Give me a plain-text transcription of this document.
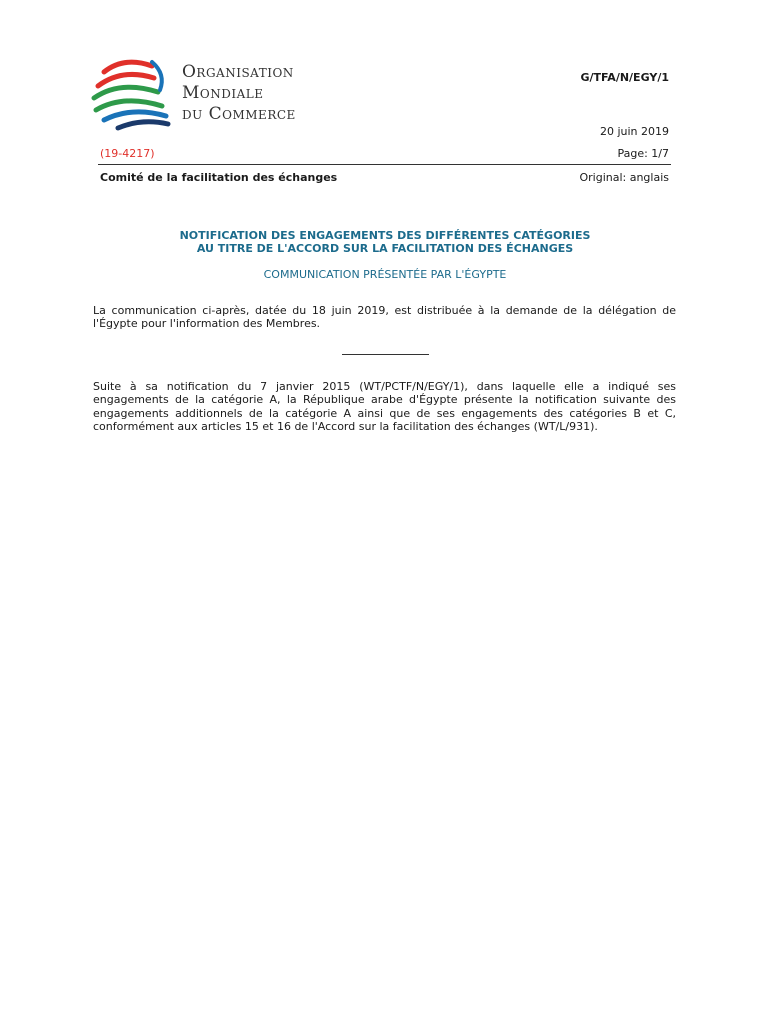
Organisation
Mondiale
du Commerce
G/TFA/N/EGY/1
20 juin 2019
(19-4217)	Page: 1/7
Comité de la facilitation des échanges	Original: anglais
NOTIFICATION DES ENGAGEMENTS DES DIFFÉRENTES CATÉGORIES
AU TITRE DE L'ACCORD SUR LA FACILITATION DES ÉCHANGES
COMMUNICATION PRÉSENTÉE PAR L'ÉGYPTE

La communication ci-après, datée du 18 juin 2019, est distribuée à la demande de la délégation de l'Égypte pour l'information des Membres.

Suite à sa notification du 7 janvier 2015 (WT/PCTF/N/EGY/1), dans laquelle elle a indiqué ses engagements de la catégorie A, la République arabe d'Égypte présente la notification suivante des engagements additionnels de la catégorie A ainsi que de ses engagements des catégories B et C, conformément aux articles 15 et 16 de l'Accord sur la facilitation des échanges (WT/L/931).
